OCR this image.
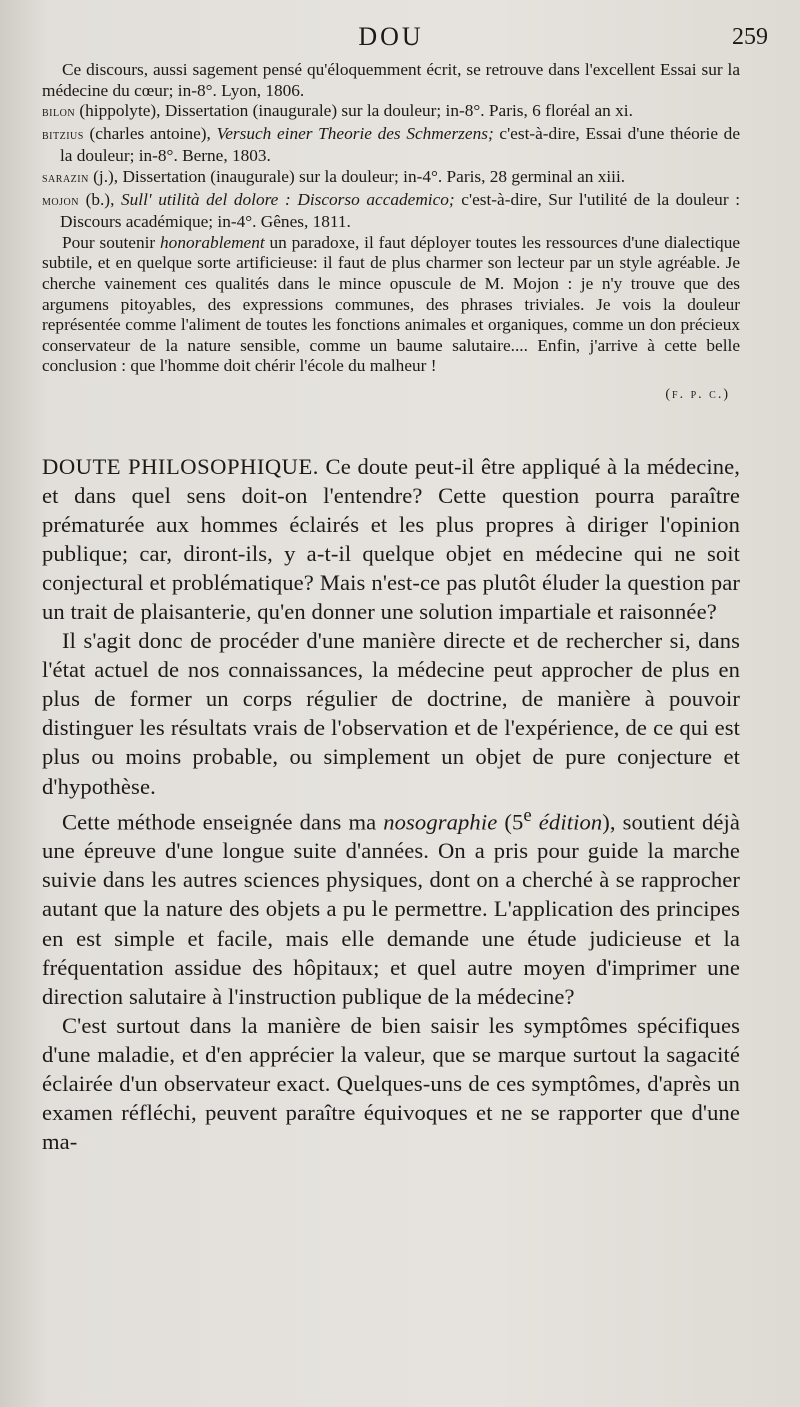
DOU	259

Ce discours, aussi sagement pensé qu'éloquemment écrit, se retrouve dans l'excellent Essai sur la médecine du cœur; in-8°. Lyon, 1806.

bilon (hippolyte), Dissertation (inaugurale) sur la douleur; in-8°. Paris, 6 floréal an xi.

bitzius (charles antoine), Versuch einer Theorie des Schmerzens; c'est-à-dire, Essai d'une théorie de la douleur; in-8°. Berne, 1803.

sarazin (j.), Dissertation (inaugurale) sur la douleur; in-4°. Paris, 28 germinal an xiii.

mojon (b.), Sull' utilità del dolore : Discorso accademico; c'est-à-dire, Sur l'utilité de la douleur : Discours académique; in-4°. Gênes, 1811.

Pour soutenir honorablement un paradoxe, il faut déployer toutes les ressources d'une dialectique subtile, et en quelque sorte artificieuse: il faut de plus charmer son lecteur par un style agréable. Je cherche vainement ces qualités dans le mince opuscule de M. Mojon : je n'y trouve que des argumens pitoyables, des expressions communes, des phrases triviales. Je vois la douleur représentée comme l'aliment de toutes les fonctions animales et organiques, comme un don précieux conservateur de la nature sensible, comme un baume salutaire.... Enfin, j'arrive à cette belle conclusion : que l'homme doit chérir l'école du malheur !

(f. p. c.)

DOUTE PHILOSOPHIQUE. Ce doute peut-il être appliqué à la médecine, et dans quel sens doit-on l'entendre? Cette question pourra paraître prématurée aux hommes éclairés et les plus propres à diriger l'opinion publique; car, diront-ils, y a-t-il quelque objet en médecine qui ne soit conjectural et problématique? Mais n'est-ce pas plutôt éluder la question par un trait de plaisanterie, qu'en donner une solution impartiale et raisonnée?

Il s'agit donc de procéder d'une manière directe et de rechercher si, dans l'état actuel de nos connaissances, la médecine peut approcher de plus en plus de former un corps régulier de doctrine, de manière à pouvoir distinguer les résultats vrais de l'observation et de l'expérience, de ce qui est plus ou moins probable, ou simplement un objet de pure conjecture et d'hypothèse.

Cette méthode enseignée dans ma nosographie (5e édition), soutient déjà une épreuve d'une longue suite d'années. On a pris pour guide la marche suivie dans les autres sciences physiques, dont on a cherché à se rapprocher autant que la nature des objets a pu le permettre. L'application des principes en est simple et facile, mais elle demande une étude judicieuse et la fréquentation assidue des hôpitaux; et quel autre moyen d'imprimer une direction salutaire à l'instruction publique de la médecine?

C'est surtout dans la manière de bien saisir les symptômes spécifiques d'une maladie, et d'en apprécier la valeur, que se marque surtout la sagacité éclairée d'un observateur exact. Quelques-uns de ces symptômes, d'après un examen réfléchi, peuvent paraître équivoques et ne se rapporter que d'une ma-
